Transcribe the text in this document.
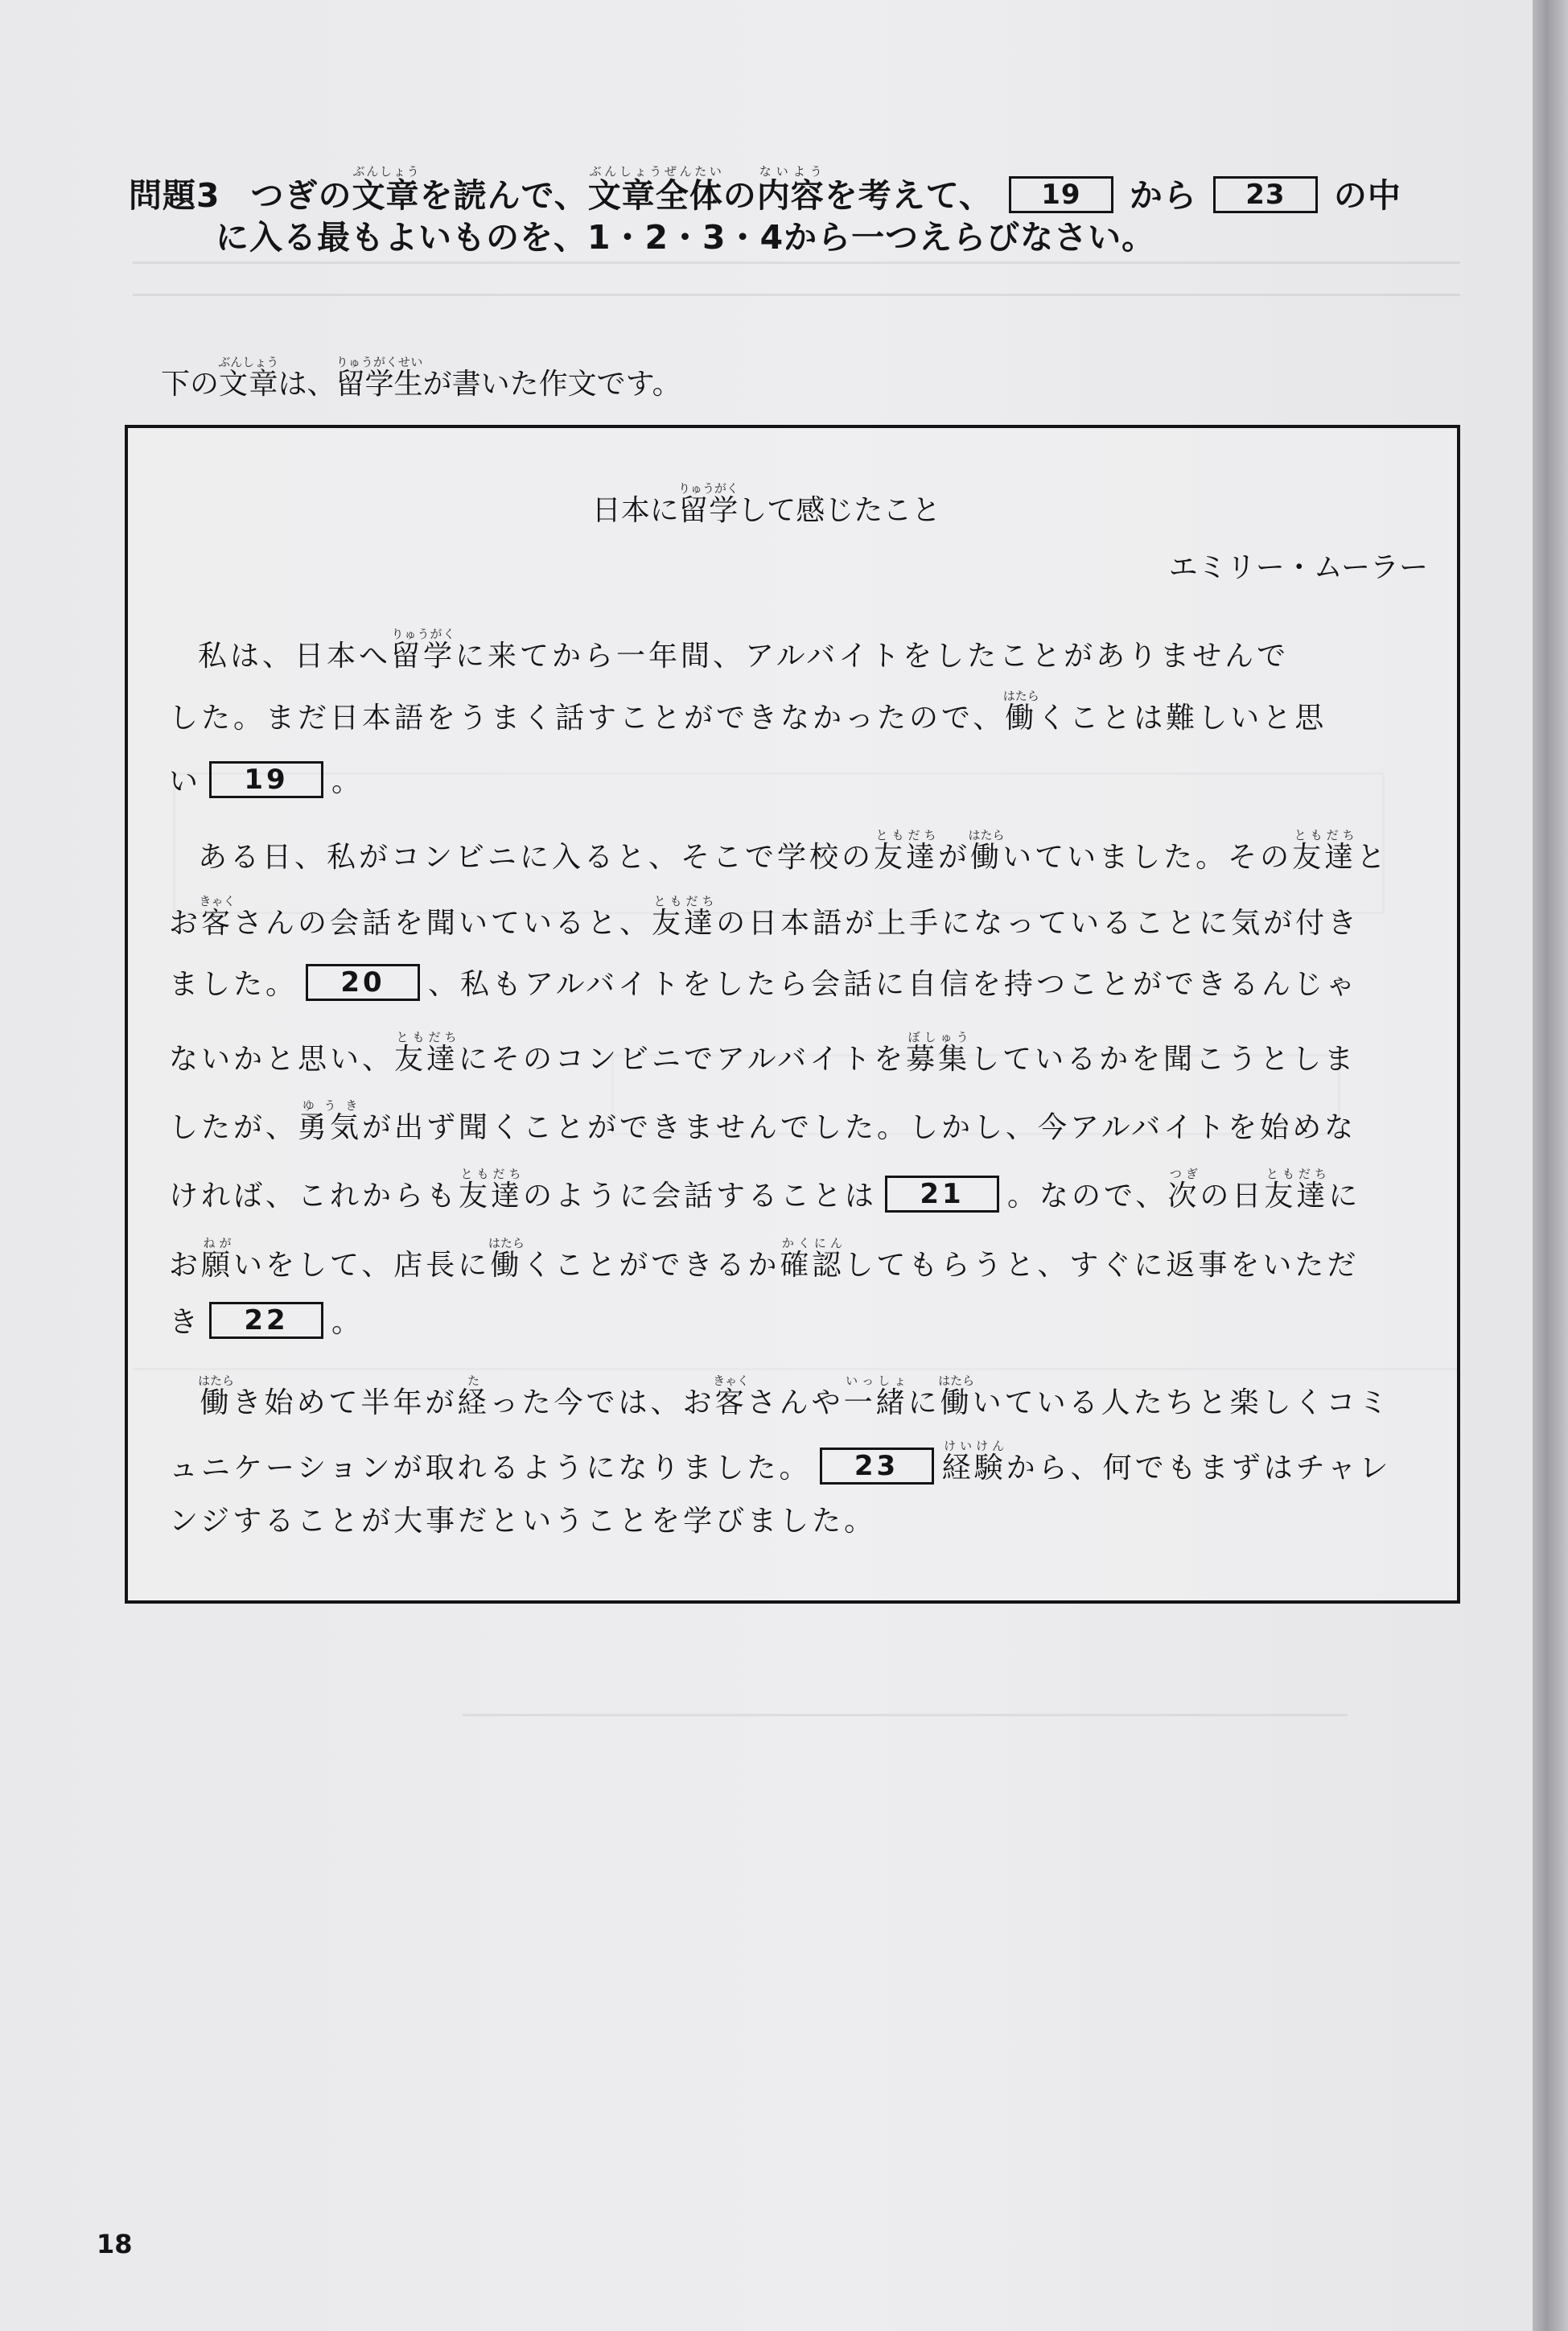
問題3 つぎの文章ぶんしょうを読んで、文章全体ぶんしょうぜんたいの内容ないようを考えて、 19 から 23 の中
に入る最もよいものを、1・2・3・4から一つえらびなさい。
下の文章ぶんしょうは、留学生りゅうがくせいが書いた作文です。
日本に留学りゅうがくして感じたこと
エミリー・ムーラー
私は、日本へ留学りゅうがくに来てから一年間、アルバイトをしたことがありませんで
した。まだ日本語をうまく話すことができなかったので、働はたらくことは難しいと思
い 19 。
ある日、私がコンビニに入ると、そこで学校の友達ともだちが働はたらいていました。その友達ともだちと
お客きゃくさんの会話を聞いていると、友達ともだちの日本語が上手になっていることに気が付き
ました。 20 、私もアルバイトをしたら会話に自信を持つことができるんじゃ
ないかと思い、友達ともだちにそのコンビニでアルバイトを募集ぼしゅうしているかを聞こうとしま
したが、勇気ゆうきが出ず聞くことができませんでした。しかし、今アルバイトを始めな
ければ、これからも友達ともだちのように会話することは 21 。なので、次つぎの日友達ともだちに
お願ねがいをして、店長に働はたらくことができるか確認かくにんしてもらうと、すぐに返事をいただ
き 22 。
働はたらき始めて半年が経たった今では、お客きゃくさんや一緒いっしょに働はたらいている人たちと楽しくコミ
ュニケーションが取れるようになりました。 23 経験けいけんから、何でもまずはチャレ
ンジすることが大事だということを学びました。
18
